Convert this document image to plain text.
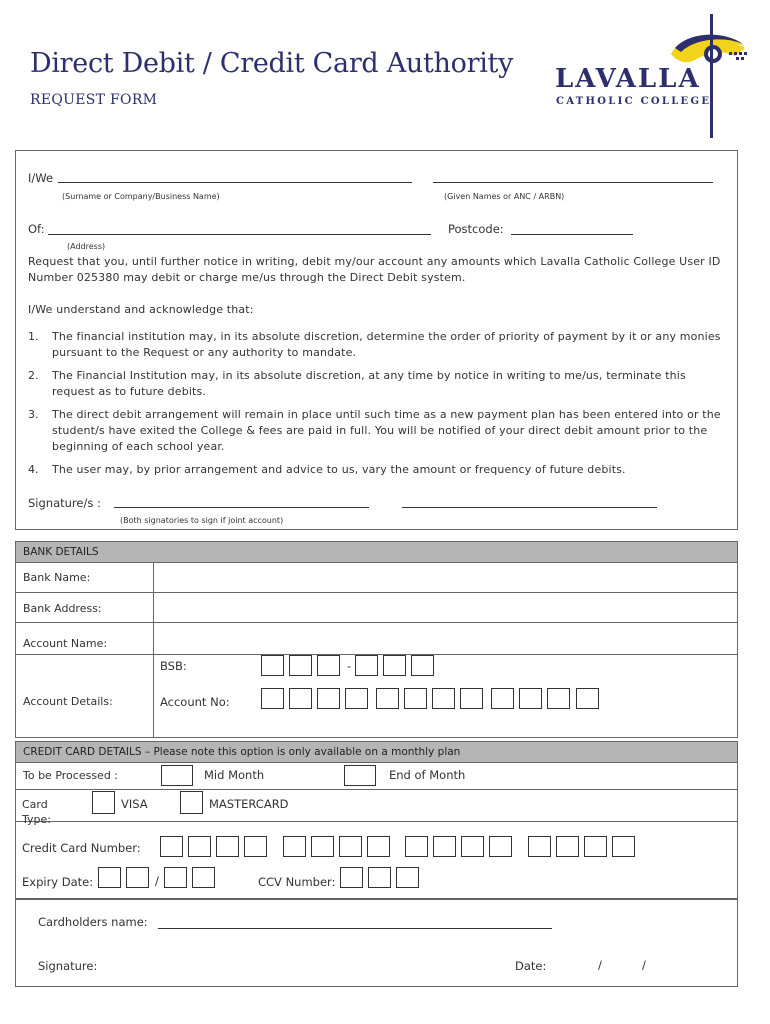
Direct Debit / Credit Card Authority
REQUEST FORM
LAVALLA
CATHOLIC COLLEGE
I/We
(Surname or Company/Business Name)	(Given Names or ANC / ARBN)
Of:	Postcode:
(Address)
Request that you, until further notice in writing, debit my/our account any amounts which Lavalla Catholic College User ID Number 025380 may debit or charge me/us through the Direct Debit system.
I/We understand and acknowledge that:
1. The financial institution may, in its absolute discretion, determine the order of priority of payment by it or any monies pursuant to the Request or any authority to mandate.
2. The Financial Institution may, in its absolute discretion, at any time by notice in writing to me/us, terminate this request as to future debits.
3. The direct debit arrangement will remain in place until such time as a new payment plan has been entered into or the student/s have exited the College & fees are paid in full. You will be notified of your direct debit amount prior to the beginning of each school year.
4. The user may, by prior arrangement and advice to us, vary the amount or frequency of future debits.
Signature/s :
(Both signatories to sign if joint account)
BANK DETAILS
Bank Name:
Bank Address:
Account Name:
Account Details:
BSB:	-
Account No:
CREDIT CARD DETAILS – Please note this option is only available on a monthly plan
To be Processed :	Mid Month	End of Month
Card Type:
VISA	MASTERCARD
Credit Card Number:
Expiry Date:	/	CCV Number:
Cardholders name:
Signature:	Date:	/	/
